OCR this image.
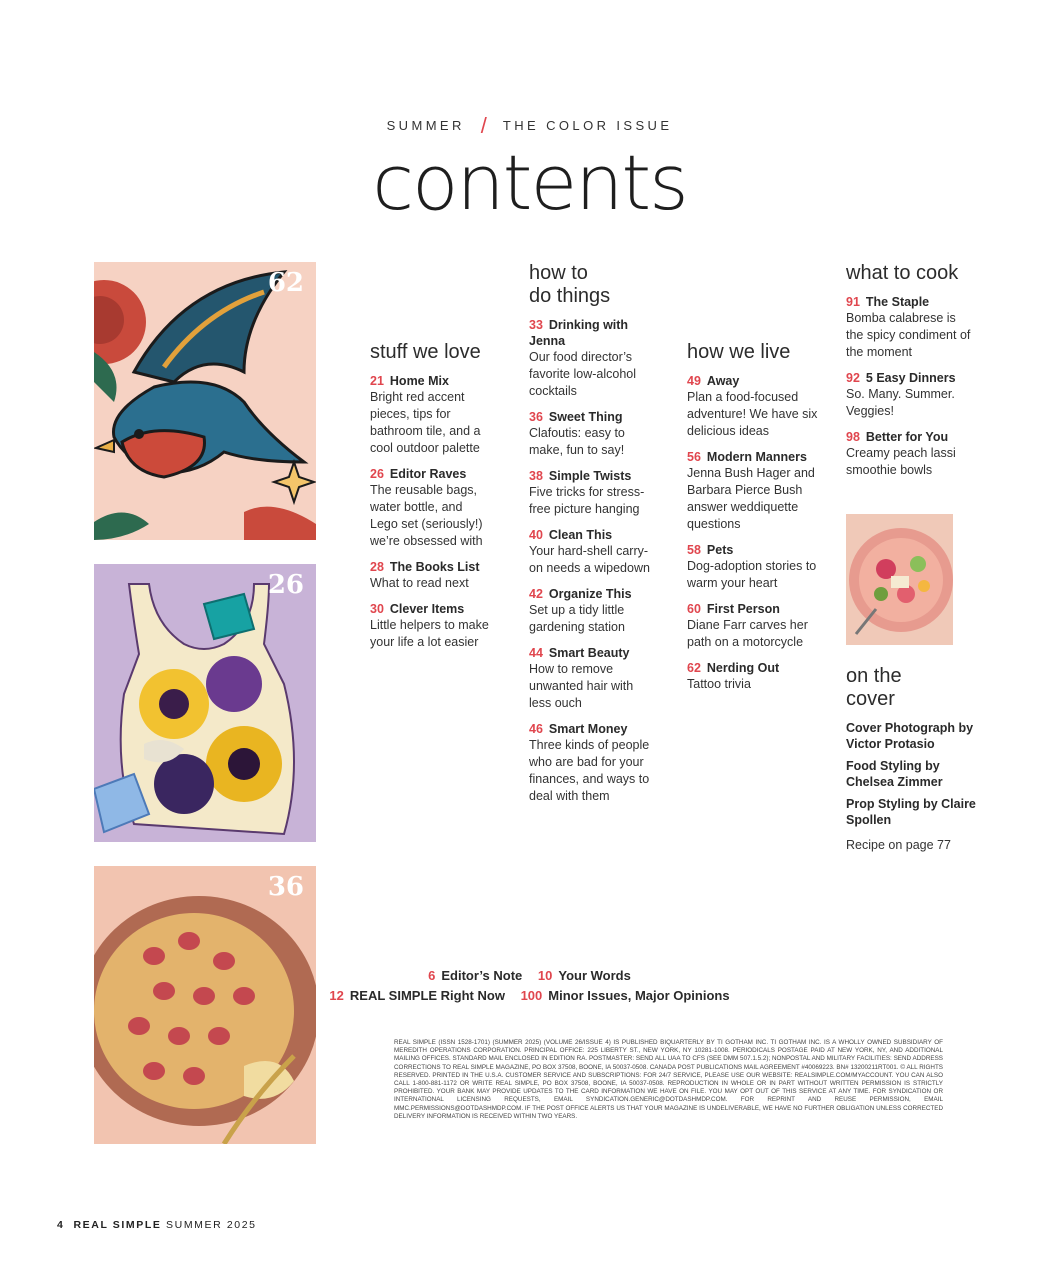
SUMMER / THE COLOR ISSUE
contents
62
26
36
stuff we love
21 Home Mix
Bright red accent pieces, tips for bathroom tile, and a cool outdoor palette
26 Editor Raves
The reusable bags, water bottle, and Lego set (seriously!) we’re obsessed with
28 The Books List
What to read next
30 Clever Items
Little helpers to make your life a lot easier
how to
do things
33 Drinking with Jenna
Our food director’s favorite low-alcohol cocktails
36 Sweet Thing
Clafoutis: easy to make, fun to say!
38 Simple Twists
Five tricks for stress-free picture hanging
40 Clean This
Your hard-shell carry-on needs a wipedown
42 Organize This
Set up a tidy little gardening station
44 Smart Beauty
How to remove unwanted hair with less ouch
46 Smart Money
Three kinds of people who are bad for your finances, and ways to deal with them
how we live
49 Away
Plan a food-focused adventure! We have six delicious ideas
56 Modern Manners
Jenna Bush Hager and Barbara Pierce Bush answer weddiquette questions
58 Pets
Dog-adoption stories to warm your heart
60 First Person
Diane Farr carves her path on a motorcycle
62 Nerding Out
Tattoo trivia
what to cook
91 The Staple
Bomba calabrese is the spicy condiment of the moment
92 5 Easy Dinners
So. Many. Summer. Veggies!
98 Better for You
Creamy peach lassi smoothie bowls
on the
cover
Cover Photograph by Victor Protasio
Food Styling by Chelsea Zimmer
Prop Styling by Claire Spollen
Recipe on page 77
6 Editor’s Note 10 Your Words
12 REAL SIMPLE Right Now 100 Minor Issues, Major Opinions
REAL SIMPLE (ISSN 1528-1701) (SUMMER 2025) (VOLUME 26/ISSUE 4) IS PUBLISHED BIQUARTERLY BY TI GOTHAM INC. TI GOTHAM INC. IS A WHOLLY OWNED SUBSIDIARY OF MEREDITH OPERATIONS CORPORATION. PRINCIPAL OFFICE: 225 LIBERTY ST., NEW YORK, NY 10281-1008. PERIODICALS POSTAGE PAID AT NEW YORK, NY, AND ADDITIONAL MAILING OFFICES. STANDARD MAIL ENCLOSED IN EDITION RA. POSTMASTER: SEND ALL UAA TO CFS (SEE DMM 507.1.5.2); NONPOSTAL AND MILITARY FACILITIES: SEND ADDRESS CORRECTIONS TO REAL SIMPLE MAGAZINE, PO BOX 37508, BOONE, IA 50037-0508. CANADA POST PUBLICATIONS MAIL AGREEMENT #40069223. BN# 13200211RT001. © ALL RIGHTS RESERVED. PRINTED IN THE U.S.A. CUSTOMER SERVICE AND SUBSCRIPTIONS: FOR 24/7 SERVICE, PLEASE USE OUR WEBSITE: REALSIMPLE.COM/MYACCOUNT. YOU CAN ALSO CALL 1-800-881-1172 OR WRITE REAL SIMPLE, PO BOX 37508, BOONE, IA 50037-0508. REPRODUCTION IN WHOLE OR IN PART WITHOUT WRITTEN PERMISSION IS STRICTLY PROHIBITED. YOUR BANK MAY PROVIDE UPDATES TO THE CARD INFORMATION WE HAVE ON FILE. YOU MAY OPT OUT OF THIS SERVICE AT ANY TIME. FOR SYNDICATION OR INTERNATIONAL LICENSING REQUESTS, EMAIL SYNDICATION.GENERIC@DOTDASHMDP.COM. FOR REPRINT AND REUSE PERMISSION, EMAIL MMC.PERMISSIONS@DOTDASHMDP.COM. IF THE POST OFFICE ALERTS US THAT YOUR MAGAZINE IS UNDELIVERABLE, WE HAVE NO FURTHER OBLIGATION UNLESS CORRECTED DELIVERY INFORMATION IS RECEIVED WITHIN TWO YEARS.
4 REAL SIMPLE SUMMER 2025
